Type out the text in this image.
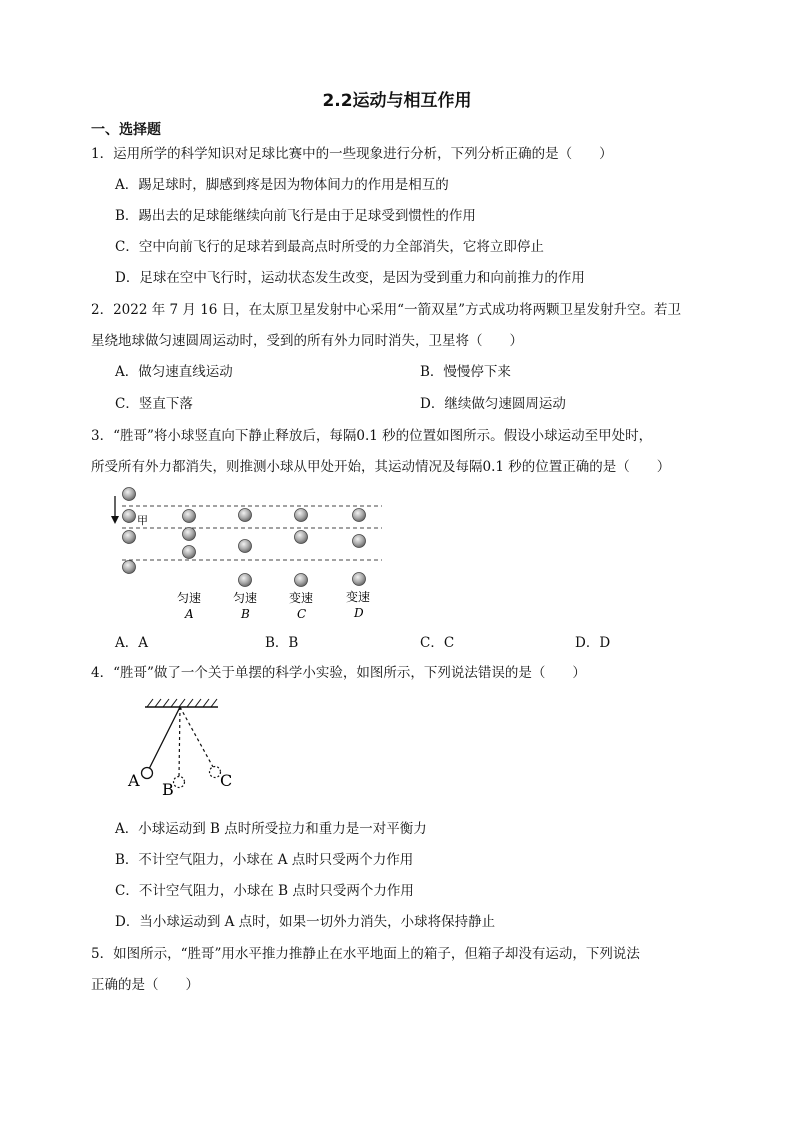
2.2运动与相互作用
一、选择题
1．运用所学的科学知识对足球比赛中的一些现象进行分析，下列分析正确的是（　　）
A．踢足球时，脚感到疼是因为物体间力的作用是相互的
B．踢出去的足球能继续向前飞行是由于足球受到惯性的作用
C．空中向前飞行的足球若到最高点时所受的力全部消失，它将立即停止
D．足球在空中飞行时，运动状态发生改变，是因为受到重力和向前推力的作用
2．2022 年 7 月 16 日，在太原卫星发射中心采用“一箭双星”方式成功将两颗卫星发射升空。若卫
星绕地球做匀速圆周运动时，受到的所有外力同时消失，卫星将（　　）
A．做匀速直线运动	B．慢慢停下来
C．竖直下落	D．继续做匀速圆周运动
3．“胜哥”将小球竖直向下静止释放后，每隔0.1 秒的位置如图所示。假设小球运动至甲处时，
所受所有外力都消失，则推测小球从甲处开始，其运动情况及每隔0.1 秒的位置正确的是（　　）
甲
匀速
A
匀速
B
变速
C
变速
D
A．A	B．B	C．C	D．D
4．“胜哥”做了一个关于单摆的科学小实验，如图所示，下列说法错误的是（　　）
A B	C
A．小球运动到 B 点时所受拉力和重力是一对平衡力
B．不计空气阻力，小球在 A 点时只受两个力作用
C．不计空气阻力，小球在 B 点时只受两个力作用
D．当小球运动到 A 点时，如果一切外力消失，小球将保持静止
5．如图所示，“胜哥”用水平推力推静止在水平地面上的箱子，但箱子却没有运动，下列说法
正确的是（　　）
